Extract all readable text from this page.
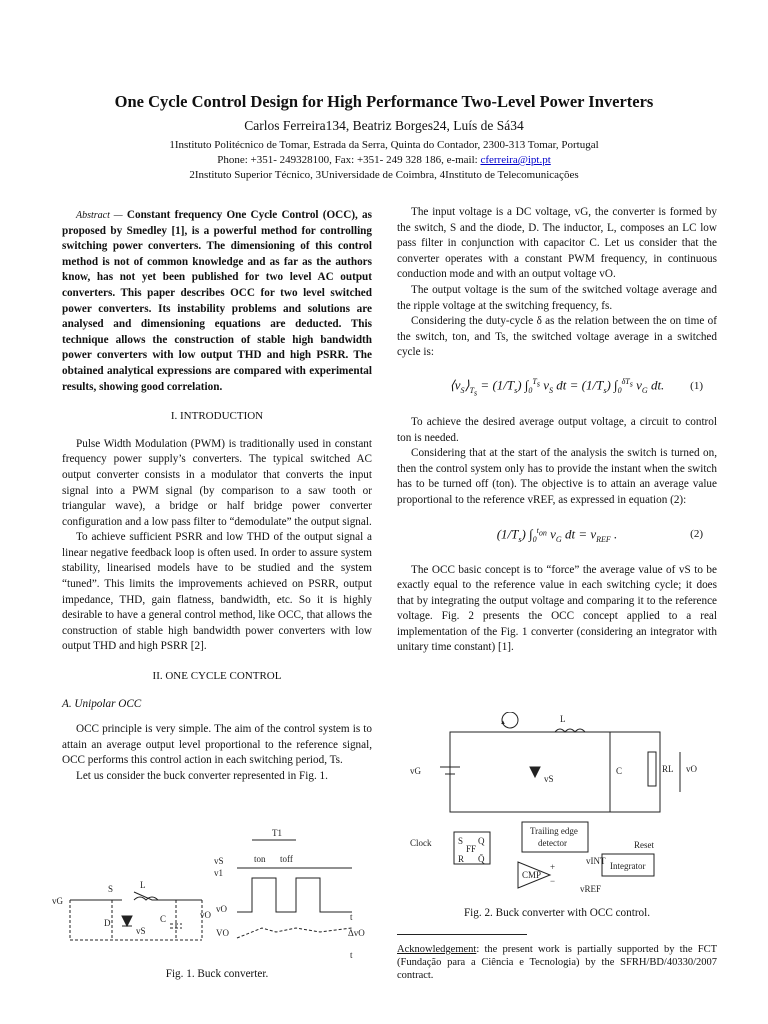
One Cycle Control Design for High Performance Two-Level Power Inverters
Carlos Ferreira134, Beatriz Borges24, Luís de Sá34
1Instituto Politécnico de Tomar, Estrada da Serra, Quinta do Contador, 2300-313 Tomar, Portugal
Phone: +351- 249328100, Fax: +351- 249 328 186, e-mail: cferreira@ipt.pt
2Instituto Superior Técnico, 3Universidade de Coimbra, 4Instituto de Telecomunicações

Abstract — Constant frequency One Cycle Control (OCC), as proposed by Smedley [1], is a powerful method for controlling switching power converters. The dimensioning of this control method is not of common knowledge and as far as the authors know, has not yet been published for two level AC output converters. This paper describes OCC for two level switched power converters. Its instability problems and solutions are analysed and dimensioning equations are deducted. This technique allows the construction of stable high bandwidth power converters with low output THD and high PSRR. The obtained analytical expressions are compared with experimental results, showing good correlation.

I. INTRODUCTION

Pulse Width Modulation (PWM) is traditionally used in constant frequency power supply’s converters. The typical switched AC output converter consists in a modulator that converts the input signal into a PWM signal (by comparison to a saw tooth or triangular wave), a bridge or half bridge power converter configuration and a low pass filter to “demodulate” the output signal.

To achieve sufficient PSRR and low THD of the output signal a linear negative feedback loop is often used. In order to assure system stability, linearised models have to be studied and the system “tuned”. This limits the improvements achieved on PSRR, output impedance, THD, gain flatness, bandwidth, etc. So it is highly desirable to have a general control method, like OCC, that allows the construction of stable high bandwidth power converters with low output THD and high PSRR [2].

II. ONE CYCLE CONTROL
A. Unipolar OCC

OCC principle is very simple. The aim of the control system is to attain an average output level proportional to the reference signal, OCC performs this control action in each switching period, Ts.

Let us consider the buck converter represented in Fig. 1.

vG
S	L
D
vS
C	vO
T1
vS
v1
ton toff
vO
VO
t
t
ΔvO
Fig. 1. Buck converter.

The input voltage is a DC voltage, vG, the converter is formed by the switch, S and the diode, D. The inductor, L, composes an LC low pass filter in conjunction with capacitor C. Let us consider that the converter operates with a constant PWM frequency, in continuous conduction mode and with an output voltage vO.

The output voltage is the sum of the switched voltage average and the ripple voltage at the switching frequency, fs.

Considering the duty-cycle δ as the relation between the on time of the switch, ton, and Ts, the switched voltage average in a switched cycle is:

$⟨v_S⟩_{T_s} = (1/T_s)$ $\int_0^{T_s}$ $v_S$ dt = $(1/T_s)$ $\int_0^{\delta T_s}$ $v_G$ dt. (1)

To achieve the desired average output voltage, a circuit to control ton is needed.

Considering that at the start of the analysis the switch is turned on, then the control system only has to provide the instant when the switch has to be turned off (ton). The objective is to attain an average value proportional to the reference vREF, as expressed in equation (2):

$(1/T_s)$ $\int_0^{t_{on}}$ $v_G$ dt = $v_{REF}$ .	(2)

The OCC basic concept is to “force” the average value of vS to be exactly equal to the reference value in each switching cycle; it does that by integrating the output voltage and comparing it to the reference voltage. Fig. 2 presents the OCC concept applied to a real implementation of the Fig. 1 converter (considering an integrator with unitary time constant) [1].

▲	L
vG
vS
C	RL vO
Clock	S Q
FF
R Q̄
Trailing edge
detector	Reset
Integrator
vINT
CMP
+
−
vREF
Fig. 2. Buck converter with OCC control.
Acknowledgement: the present work is partially supported by the FCT (Fundação para a Ciência e Tecnologia) by the SFRH/BD/40330/2007 contract.
